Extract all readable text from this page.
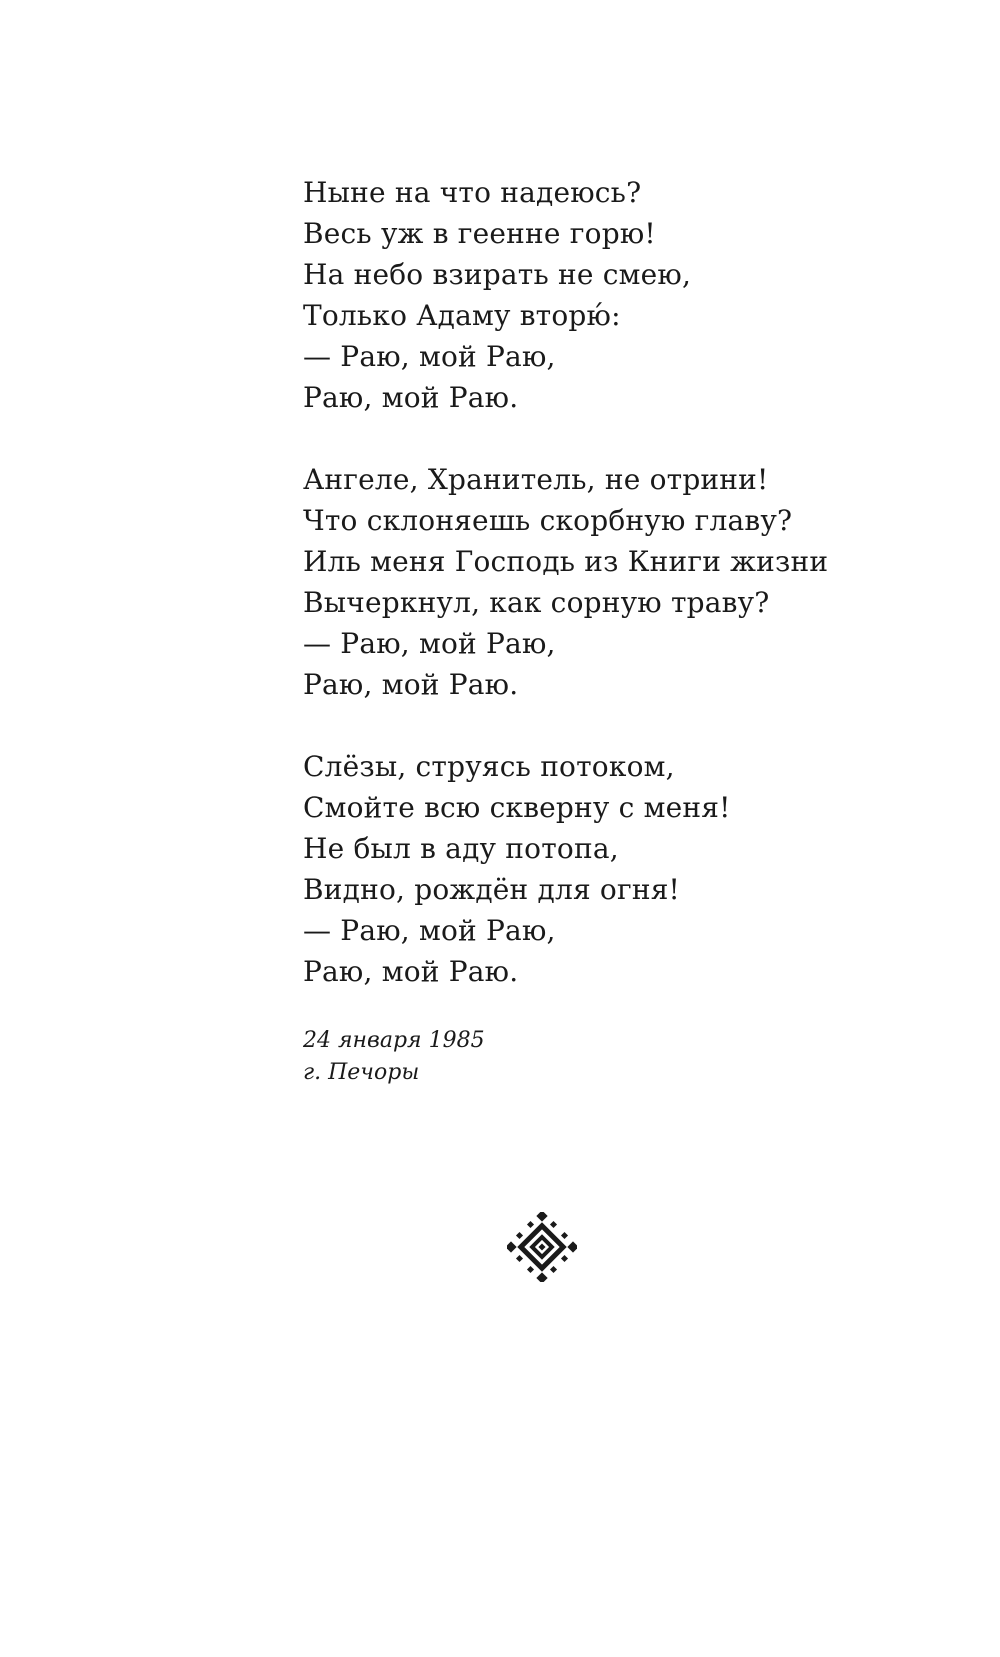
Ныне на что надеюсь?
Весь уж в геенне горю!
На небо взирать не смею,
Только Адаму вторю́:
— Раю, мой Раю,
Раю, мой Раю.
Ангеле, Хранитель, не отрини!
Что склоняешь скорбную главу?
Иль меня Господь из Книги жизни
Вычеркнул, как сорную траву?
— Раю, мой Раю,
Раю, мой Раю.
Слёзы, струясь потоком,
Смойте всю скверну с меня!
Не был в аду потопа,
Видно, рождён для огня!
— Раю, мой Раю,
Раю, мой Раю.
24 января 1985
г. Печоры
